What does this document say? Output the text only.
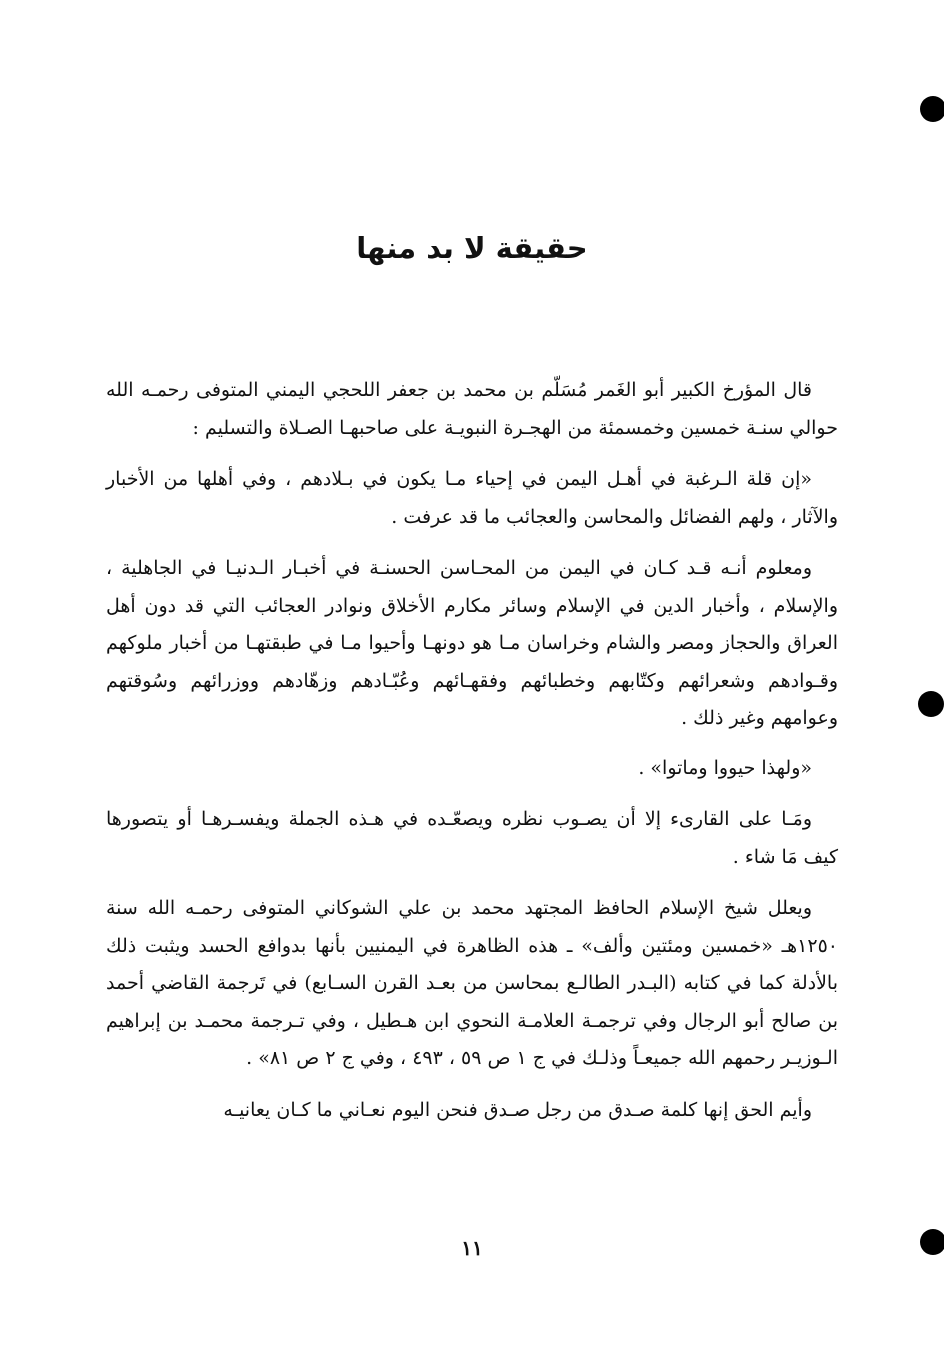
حقيقة لا بد منها

قال المؤرخ الكبير أبو الغَمر مُسَلّم بن محمد بن جعفر اللحجي اليمني المتوفى رحمـه الله حوالي سنـة خمسين وخمسمئة من الهجـرة النبويـة على صاحبهـا الصـلاة والتسليم :

«إن قلة الـرغبة في أهـل اليمن في إحياء مـا يكون في بـلادهم ، وفي أهلها من الأخبار والآثار ، ولهم الفضائل والمحاسن والعجائب ما قد عرفت .

ومعلوم أنـه قـد كـان في اليمن من المحـاسن الحسنـة في أخبـار الـدنيـا في الجاهلية ، والإسلام ، وأخبار الدين في الإسلام وسائر مكارم الأخلاق ونوادر العجائب التي قد دون أهل العراق والحجاز ومصر والشام وخراسان مـا هو دونهـا وأحيوا مـا في طبقتهـا من أخبار ملوكهم وقـوادهم وشعرائهم وكتّابهم وخطبائهم وفقهـائهم وعُبّـادهم وزهّادهم ووزرائهم وسُوقتهم وعوامهم وغير ذلك .

«ولهذا حيووا وماتوا» .

ومَـا على القارىء إلا أن يصـوب نظره ويصعّـده في هـذه الجملة ويفسـرهـا أو يتصورها كيف مَا شاء .

ويعلل شيخ الإسلام الحافظ المجتهد محمد بن علي الشوكاني المتوفى رحمـه الله سنة ١٢٥٠هـ «خمسين ومئتين وألف» ـ هذه الظاهرة في اليمنيين بأنها بدوافع الحسد ويثبت ذلك بالأدلة كما في كتابه (البـدر الطالـع بمحاسن من بعـد القرن السـابع) في تَرجمة القاضي أحمد بن صالح أبو الرجال وفي ترجمـة العلامـة النحوي ابن هـطيل ، وفي تـرجمة محمـد بن إبراهيم الـوزيـر رحمهم الله جميعـاً وذلـك في ج ١ ص ٥٩ ، ٤٩٣ ، وفي ج ٢ ص ٨١» .

وأيم الحق إنها كلمة صـدق من رجل صـدق فنحن اليوم نعـاني ما كـان يعانيـه

١١
